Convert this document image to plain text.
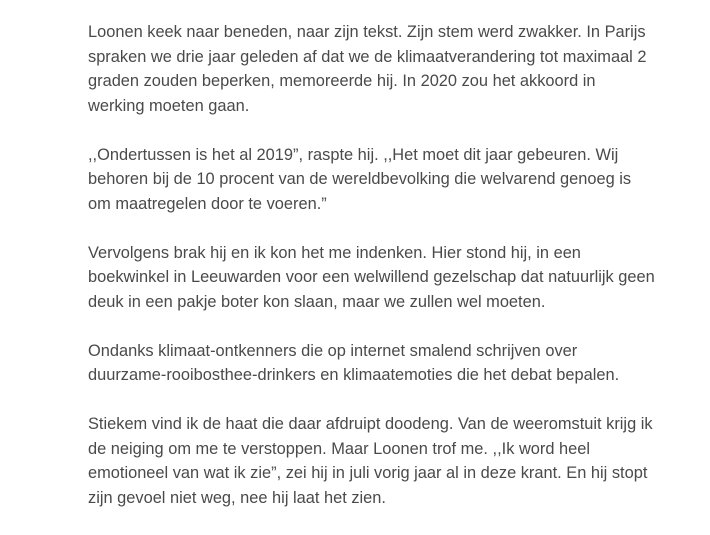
Loonen keek naar beneden, naar zijn tekst. Zijn stem werd zwakker. In Parijs
spraken we drie jaar geleden af dat we de klimaatverandering tot maximaal 2
graden zouden beperken, memoreerde hij. In 2020 zou het akkoord in
werking moeten gaan.

,,Ondertussen is het al 2019”, raspte hij. ,,Het moet dit jaar gebeuren. Wij
behoren bij de 10 procent van de wereldbevolking die welvarend genoeg is
om maatregelen door te voeren.”

Vervolgens brak hij en ik kon het me indenken. Hier stond hij, in een
boekwinkel in Leeuwarden voor een welwillend gezelschap dat natuurlijk geen
deuk in een pakje boter kon slaan, maar we zullen wel moeten.

Ondanks klimaat-ontkenners die op internet smalend schrijven over
duurzame-rooibosthee-drinkers en klimaatemoties die het debat bepalen.

Stiekem vind ik de haat die daar afdruipt doodeng. Van de weeromstuit krijg ik
de neiging om me te verstoppen. Maar Loonen trof me. ,,Ik word heel
emotioneel van wat ik zie”, zei hij in juli vorig jaar al in deze krant. En hij stopt
zijn gevoel niet weg, nee hij laat het zien.
